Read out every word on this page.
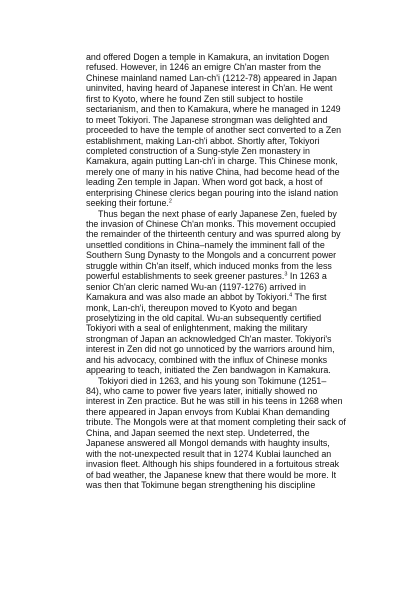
and offered Dogen a temple in Kamakura, an invitation Dogen
refused. However, in 1246 an emigre Ch'an master from the
Chinese mainland named Lan-ch'i (1212-78) appeared in Japan
uninvited, having heard of Japanese interest in Ch'an. He went
first to Kyoto, where he found Zen still subject to hostile
sectarianism, and then to Kamakura, where he managed in 1249
to meet Tokiyori. The Japanese strongman was delighted and
proceeded to have the temple of another sect converted to a Zen
establishment, making Lan-ch'i abbot. Shortly after, Tokiyori
completed construction of a Sung-style Zen monastery in
Kamakura, again putting Lan-ch'i in charge. This Chinese monk,
merely one of many in his native China, had become head of the
leading Zen temple in Japan. When word got back, a host of
enterprising Chinese clerics began pouring into the island nation
seeking their fortune.$^2$
Thus began the next phase of early Japanese Zen, fueled by
the invasion of Chinese Ch'an monks. This movement occupied
the remainder of the thirteenth century and was spurred along by
unsettled conditions in China–namely the imminent fall of the
Southern Sung Dynasty to the Mongols and a concurrent power
struggle within Ch'an itself, which induced monks from the less
powerful establishments to seek greener pastures.$^3$ In 1263 a
senior Ch'an cleric named Wu-an (1197-1276) arrived in
Kamakura and was also made an abbot by Tokiyori.$^4$ The first
monk, Lan-ch'i, thereupon moved to Kyoto and began
proselytizing in the old capital. Wu-an subsequently certified
Tokiyori with a seal of enlightenment, making the military
strongman of Japan an acknowledged Ch'an master. Tokiyori's
interest in Zen did not go unnoticed by the warriors around him,
and his advocacy, combined with the influx of Chinese monks
appearing to teach, initiated the Zen bandwagon in Kamakura.
Tokiyori died in 1263, and his young son Tokimune (1251–
84), who came to power five years later, initially showed no
interest in Zen practice. But he was still in his teens in 1268 when
there appeared in Japan envoys from Kublai Khan demanding
tribute. The Mongols were at that moment completing their sack of
China, and Japan seemed the next step. Undeterred, the
Japanese answered all Mongol demands with haughty insults,
with the not-unexpected result that in 1274 Kublai launched an
invasion fleet. Although his ships foundered in a fortuitous streak
of bad weather, the Japanese knew that there would be more. It
was then that Tokimune began strengthening his discipline
